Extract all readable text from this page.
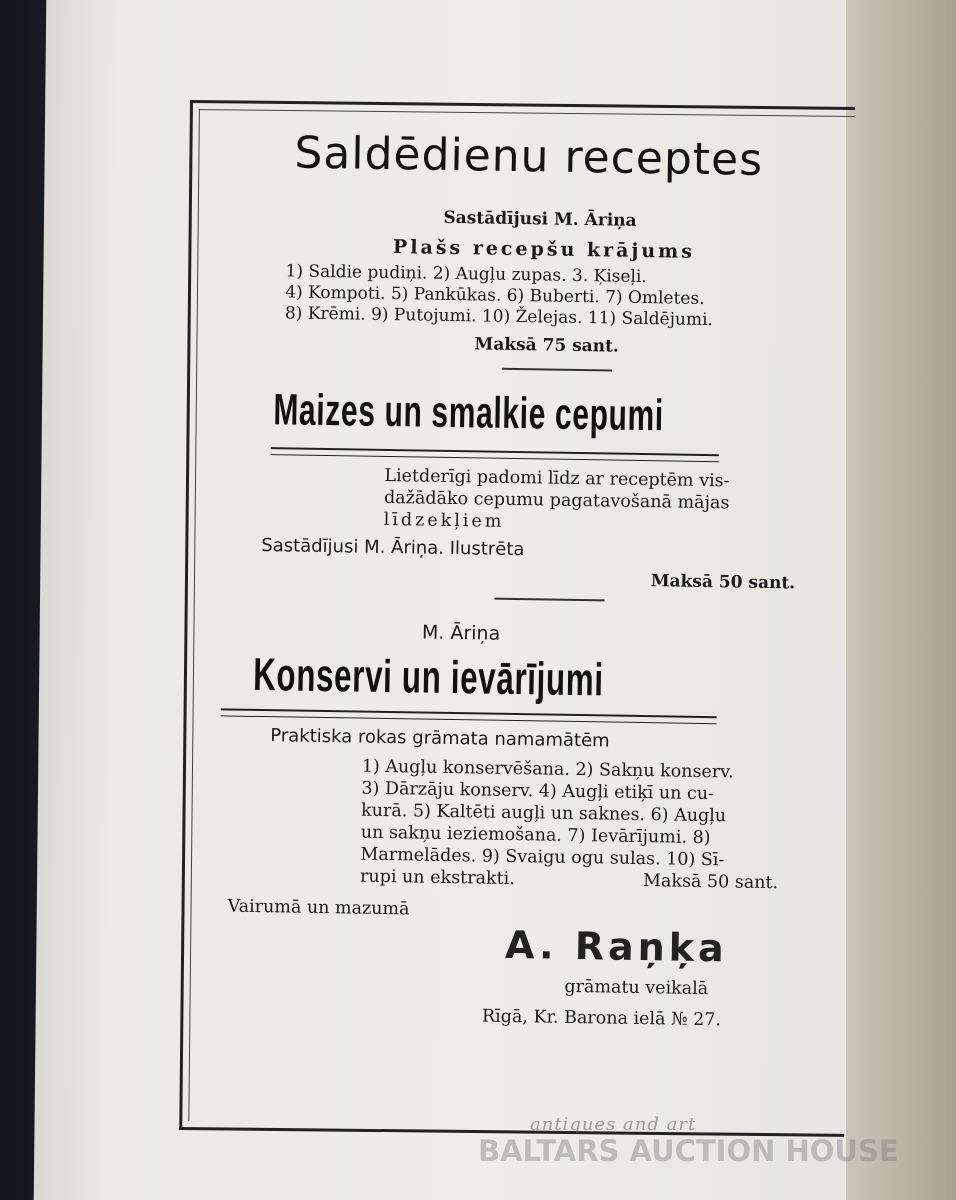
Saldēdienu receptes
Sastādījusi M. Āriņa
Plašs recepšu krājums
1) Saldie pudiņi. 2) Augļu zupas. 3. Ķiseļi.
4) Kompoti. 5) Pankūkas. 6) Buberti. 7) Omletes.
8) Krēmi. 9) Putojumi. 10) Želejas. 11) Saldējumi.
Maksā 75 sant.
Maizes un smalkie cepumi
Lietderīgi padomi līdz ar receptēm vis-
dažādāko cepumu pagatavošanā mājas
līdzekļiem
Sastādījusi M. Āriņa. Ilustrēta
Maksā 50 sant.
M. Āriņa
Konservi un ievārījumi
Praktiska rokas grāmata namamātēm
1) Augļu konservēšana. 2) Sakņu konserv.
3) Dārzāju konserv. 4) Augļi etiķī un cu-
kurā. 5) Kaltēti augļi un saknes. 6) Augļu
un sakņu ieziemošana. 7) Ievārījumi. 8)
Marmelādes. 9) Svaigu ogu sulas. 10) Sī-
rupi un ekstrakti.	Maksā 50 sant.
Vairumā un mazumā
A. Raņķa
grāmatu veikalā
Rīgā, Kr. Barona ielā № 27.
antiques and art
BALTARS AUCTION HOUSE
